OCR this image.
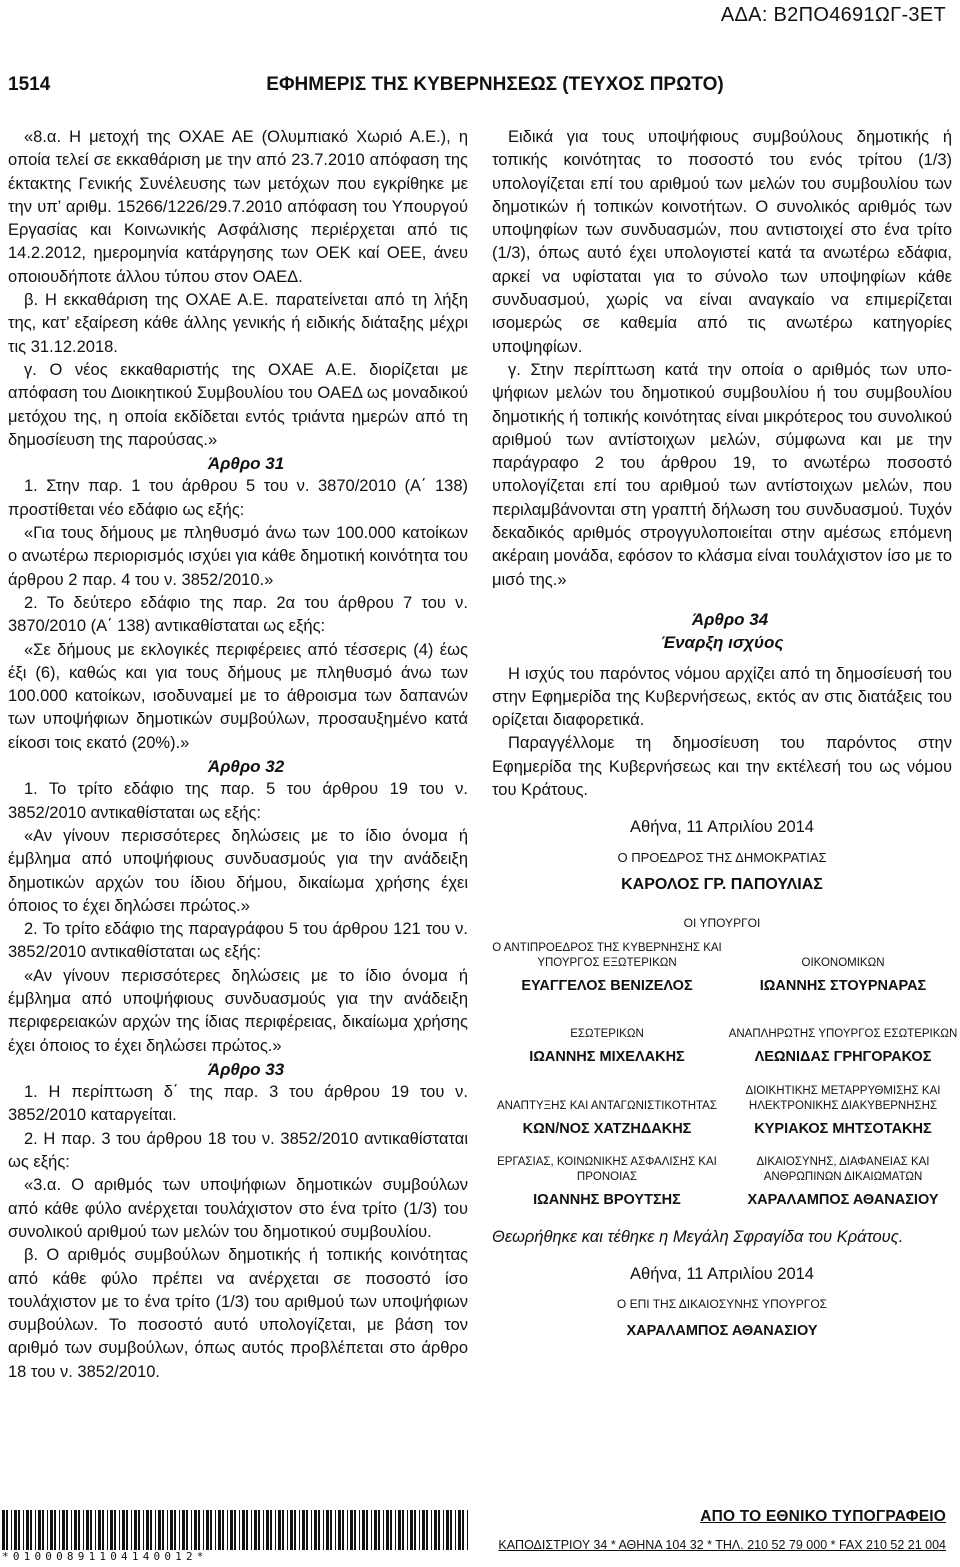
ΑΔΑ: Β2ΠΟ4691ΩΓ-3ΕΤ
1514	ΕΦΗΜΕΡΙΣ ΤΗΣ ΚΥΒΕΡΝΗΣΕΩΣ (ΤΕΥΧΟΣ ΠΡΩΤΟ)

«8.α. Η μετοχή της ΟΧΑΕ ΑΕ (Ολυμπιακό Χωριό Α.Ε.), η οποία τελεί σε εκκαθάριση με την από 23.7.2010 απόφαση της έκτακτης Γενικής Συνέλευσης των μετόχων που εγκρίθηκε με την υπ’ αριθμ. 15266/1226/29.7.2010 απόφαση του Υπουργού Εργασίας και Κοινωνικής Ασφάλισης περιέρχεται από τις 14.2.2012, ημερομηνία κατάργησης των ΟΕΚ καί ΟΕΕ, άνευ οποιουδήποτε άλλου τύπου στον ΟΑΕΔ.

β. Η εκκαθάριση της ΟΧΑΕ Α.Ε. παρατείνεται από τη λήξη της, κατ’ εξαίρεση κάθε άλλης γενικής ή ειδικής διάταξης μέχρι τις 31.12.2018.

γ. Ο νέος εκκαθαριστής της ΟΧΑΕ Α.Ε. διορίζεται με απόφαση του Διοικητικού Συμβουλίου του ΟΑΕΔ ως μοναδικού μετόχου της, η οποία εκδίδεται εντός τριάντα ημερών από τη δημοσίευση της παρούσας.»

Άρθρο 31

1. Στην παρ. 1 του άρθρου 5 του ν. 3870/2010 (Α΄ 138) προστίθεται νέο εδάφιο ως εξής:

«Για τους δήμους με πληθυσμό άνω των 100.000 κατοίκων ο ανωτέρω περιορισμός ισχύει για κάθε δημοτική κοινότητα του άρθρου 2 παρ. 4 του ν. 3852/2010.»

2. Το δεύτερο εδάφιο της παρ. 2α του άρθρου 7 του ν. 3870/2010 (Α΄ 138) αντικαθίσταται ως εξής:

«Σε δήμους με εκλογικές περιφέρειες από τέσσερις (4) έως έξι (6), καθώς και για τους δήμους με πληθυσμό άνω των 100.000 κατοίκων, ισοδυναμεί με το άθροισμα των δαπανών των υποψήφιων δημοτικών συμβούλων, προσαυξημένο κατά είκοσι τοις εκατό (20%).»

Άρθρο 32

1. Το τρίτο εδάφιο της παρ. 5 του άρθρου 19 του ν. 3852/2010 αντικαθίσταται ως εξής:

«Αν γίνουν περισσότερες δηλώσεις με το ίδιο όνομα ή έμβλημα από υποψήφιους συνδυασμούς για την ανάδειξη δημοτικών αρχών του ίδιου δήμου, δικαίωμα χρήσης έχει όποιος το έχει δηλώσει πρώτος.»

2. Το τρίτο εδάφιο της παραγράφου 5 του άρθρου 121 του ν. 3852/2010 αντικαθίσταται ως εξής:

«Αν γίνουν περισσότερες δηλώσεις με το ίδιο όνομα ή έμβλημα από υποψήφιους συνδυασμούς για την ανάδειξη περιφερειακών αρχών της ίδιας περιφέρειας, δικαίωμα χρήσης έχει όποιος το έχει δηλώσει πρώτος.»

Άρθρο 33

1. Η περίπτωση δ΄ της παρ. 3 του άρθρου 19 του ν. 3852/2010 καταργείται.

2. Η παρ. 3 του άρθρου 18 του ν. 3852/2010 αντικαθίσταται ως εξής:

«3.α. Ο αριθμός των υποψήφιων δημοτικών συμβούλων από κάθε φύλο ανέρχεται τουλάχιστον στο ένα τρίτο (1/3) του συνολικού αριθμού των μελών του δημοτικού συμβουλίου.

β. Ο αριθμός συμβούλων δημοτικής ή τοπικής κοινότητας από κάθε φύλο πρέπει να ανέρχεται σε ποσοστό ίσο τουλάχιστον με το ένα τρίτο (1/3) του αριθμού των υποψήφιων συμβούλων. Το ποσοστό αυτό υπολογίζεται, με βάση τον αριθμό των συμβούλων, όπως αυτός προβλέπεται στο άρθρο 18 του ν. 3852/2010.

Ειδικά για τους υποψήφιους συμβούλους δημοτικής ή τοπικής κοινότητας το ποσοστό του ενός τρίτου (1/3) υπολογίζεται επί του αριθμού των μελών του συμβουλίου των δημοτικών ή τοπικών κοινοτήτων. Ο συνολικός αριθμός των υποψηφίων των συνδυασμών, που αντιστοιχεί στο ένα τρίτο (1/3), όπως αυτό έχει υπολογιστεί κατά τα ανωτέρω εδάφια, αρκεί να υφίσταται για το σύνολο των υποψηφίων κάθε συνδυασμού, χωρίς να είναι αναγκαίο να επιμερίζεται ισομερώς σε καθεμία από τις ανωτέρω κατηγορίες υποψηφίων.

γ. Στην περίπτωση κατά την οποία ο αριθμός των υποψήφιων μελών του δημοτικού συμβουλίου ή του συμβουλίου δημοτικής ή τοπικής κοινότητας είναι μικρότερος του συνολικού αριθμού των αντίστοιχων μελών, σύμφωνα και με την παράγραφο 2 του άρθρου 19, το ανωτέρω ποσοστό υπολογίζεται επί του αριθμού των αντίστοιχων μελών, που περιλαμβάνονται στη γραπτή δήλωση του συνδυασμού. Τυχόν δεκαδικός αριθμός στρογγυλοποιείται στην αμέσως επόμενη ακέραιη μονάδα, εφόσον το κλάσμα είναι τουλάχιστον ίσο με το μισό της.»

Άρθρο 34

Έναρξη ισχύος

Η ισχύς του παρόντος νόμου αρχίζει από τη δημοσίευσή του στην Εφημερίδα της Κυβερνήσεως, εκτός αν στις διατάξεις του ορίζεται διαφορετικά.

Παραγγέλλομε τη δημοσίευση του παρόντος στην Εφημερίδα της Κυβερνήσεως και την εκτέλεσή του ως νόμου του Κράτους.

Αθήνα, 11 Απριλίου 2014
Ο ΠΡΟΕΔΡΟΣ ΤΗΣ ΔΗΜΟΚΡΑΤΙΑΣ
ΚΑΡΟΛΟΣ ΓΡ. ΠΑΠΟΥΛΙΑΣ
ΟΙ ΥΠΟΥΡΓΟΙ
Ο ΑΝΤΙΠΡΟΕΔΡΟΣ ΤΗΣ ΚΥΒΕΡΝΗΣΗΣ ΚΑΙ ΥΠΟΥΡΓΟΣ ΕΞΩΤΕΡΙΚΩΝ
ΕΥΑΓΓΕΛΟΣ ΒΕΝΙΖΕΛΟΣ
ΟΙΚΟΝΟΜΙΚΩΝ
ΙΩΑΝΝΗΣ ΣΤΟΥΡΝΑΡΑΣ
ΕΣΩΤΕΡΙΚΩΝ
ΙΩΑΝΝΗΣ ΜΙΧΕΛΑΚΗΣ
ΑΝΑΠΛΗΡΩΤΗΣ ΥΠΟΥΡΓΟΣ ΕΣΩΤΕΡΙΚΩΝ
ΛΕΩΝΙΔΑΣ ΓΡΗΓΟΡΑΚΟΣ
ΑΝΑΠΤΥΞΗΣ ΚΑΙ ΑΝΤΑΓΩΝΙΣΤΙΚΟΤΗΤΑΣ
ΚΩΝ/ΝΟΣ ΧΑΤΖΗΔΑΚΗΣ
ΔΙΟΙΚΗΤΙΚΗΣ ΜΕΤΑΡΡΥΘΜΙΣΗΣ ΚΑΙ ΗΛΕΚΤΡΟΝΙΚΗΣ ΔΙΑΚΥΒΕΡΝΗΣΗΣ
ΚΥΡΙΑΚΟΣ ΜΗΤΣΟΤΑΚΗΣ
ΕΡΓΑΣΙΑΣ, ΚΟΙΝΩΝΙΚΗΣ ΑΣΦΑΛΙΣΗΣ ΚΑΙ ΠΡΟΝΟΙΑΣ
ΙΩΑΝΝΗΣ ΒΡΟΥΤΣΗΣ
ΔΙΚΑΙΟΣΥΝΗΣ, ΔΙΑΦΑΝΕΙΑΣ ΚΑΙ ΑΝΘΡΩΠΙΝΩΝ ΔΙΚΑΙΩΜΑΤΩΝ
ΧΑΡΑΛΑΜΠΟΣ ΑΘΑΝΑΣΙΟΥ

Θεωρήθηκε και τέθηκε η Μεγάλη Σφραγίδα του Κράτους.

Αθήνα, 11 Απριλίου 2014
Ο ΕΠΙ ΤΗΣ ΔΙΚΑΙΟΣΥΝΗΣ ΥΠΟΥΡΓΟΣ
ΧΑΡΑΛΑΜΠΟΣ ΑΘΑΝΑΣΙΟΥ
*01000891104140012*
ΑΠΟ ΤΟ ΕΘΝΙΚΟ ΤΥΠΟΓΡΑΦΕΙΟ
ΚΑΠΟΔΙΣΤΡΙΟΥ 34 * ΑΘΗΝΑ 104 32 * ΤΗΛ. 210 52 79 000 * FAX 210 52 21 004
